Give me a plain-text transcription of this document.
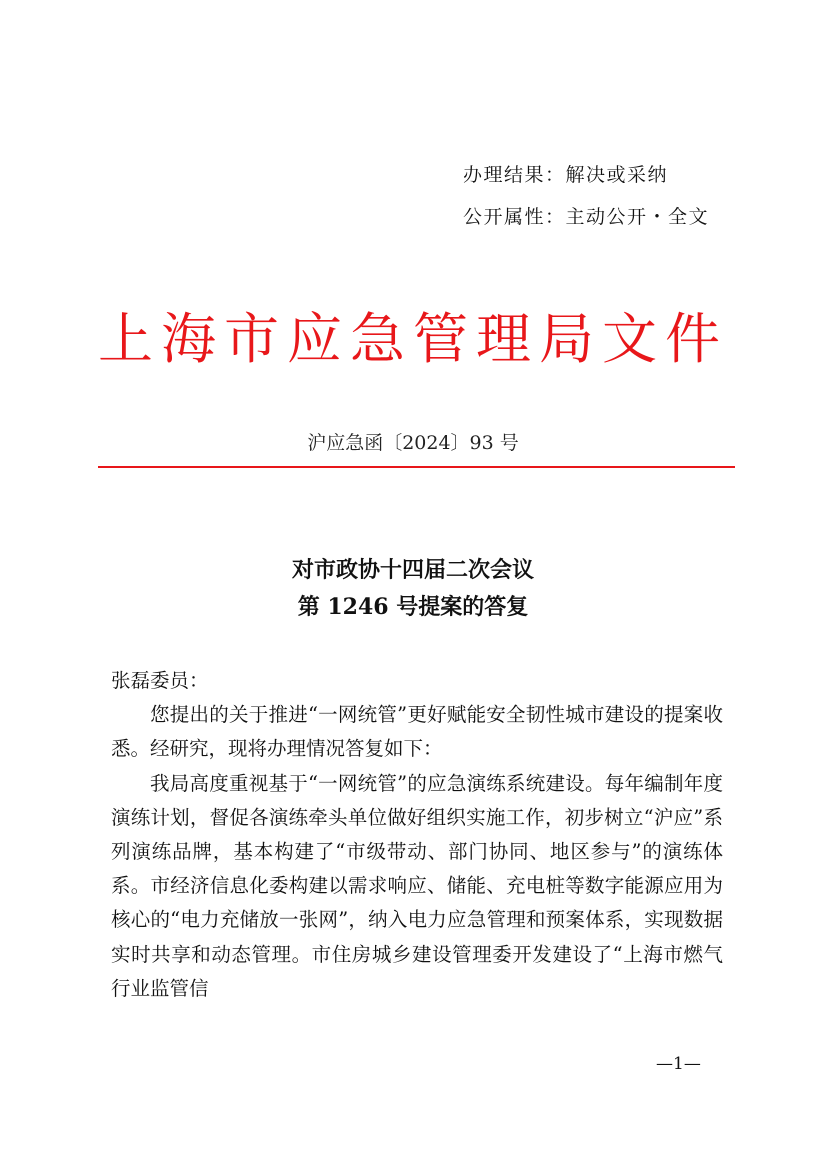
办理结果：解决或采纳
公开属性：主动公开・全文
上海市应急管理局文件
沪应急函〔2024〕93 号
对市政协十四届二次会议
第 1246 号提案的答复

张磊委员：

您提出的关于推进“一网统管”更好赋能安全韧性城市建设的提案收悉。经研究，现将办理情况答复如下：

我局高度重视基于“一网统管”的应急演练系统建设。每年编制年度演练计划，督促各演练牵头单位做好组织实施工作，初步树立“沪应”系列演练品牌，基本构建了“市级带动、部门协同、地区参与”的演练体系。市经济信息化委构建以需求响应、储能、充电桩等数字能源应用为核心的“电力充储放一张网”，纳入电力应急管理和预案体系，实现数据实时共享和动态管理。市住房城乡建设管理委开发建设了“上海市燃气行业监管信

—1—
